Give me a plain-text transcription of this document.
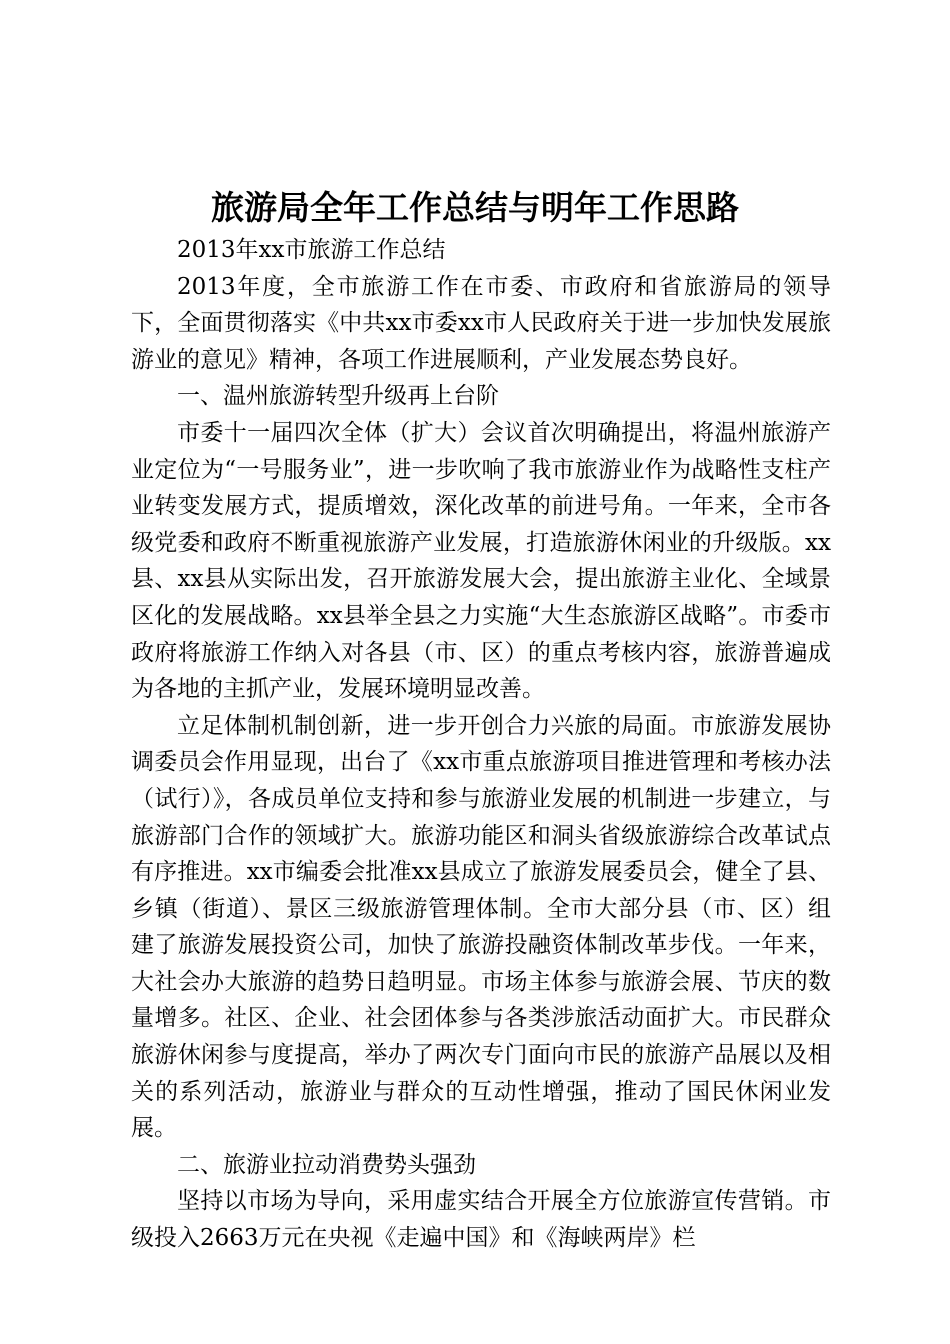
旅游局全年工作总结与明年工作思路

2013年xx市旅游工作总结

2013年度，全市旅游工作在市委、市政府和省旅游局的领导下，全面贯彻落实《中共xx市委xx市人民政府关于进一步加快发展旅游业的意见》精神，各项工作进展顺利，产业发展态势良好。

一、温州旅游转型升级再上台阶

市委十一届四次全体（扩大）会议首次明确提出，将温州旅游产业定位为“一号服务业”，进一步吹响了我市旅游业作为战略性支柱产业转变发展方式，提质增效，深化改革的前进号角。一年来，全市各级党委和政府不断重视旅游产业发展，打造旅游休闲业的升级版。xx县、xx县从实际出发，召开旅游发展大会，提出旅游主业化、全域景区化的发展战略。xx县举全县之力实施“大生态旅游区战略”。市委市政府将旅游工作纳入对各县（市、区）的重点考核内容，旅游普遍成为各地的主抓产业，发展环境明显改善。

立足体制机制创新，进一步开创合力兴旅的局面。市旅游发展协调委员会作用显现，出台了《xx市重点旅游项目推进管理和考核办法（试行）》，各成员单位支持和参与旅游业发展的机制进一步建立，与旅游部门合作的领域扩大。旅游功能区和洞头省级旅游综合改革试点有序推进。xx市编委会批准xx县成立了旅游发展委员会，健全了县、乡镇（街道）、景区三级旅游管理体制。全市大部分县（市、区）组建了旅游发展投资公司，加快了旅游投融资体制改革步伐。一年来，大社会办大旅游的趋势日趋明显。市场主体参与旅游会展、节庆的数量增多。社区、企业、社会团体参与各类涉旅活动面扩大。市民群众旅游休闲参与度提高，举办了两次专门面向市民的旅游产品展以及相关的系列活动，旅游业与群众的互动性增强，推动了国民休闲业发展。

二、旅游业拉动消费势头强劲

坚持以市场为导向，采用虚实结合开展全方位旅游宣传营销。市级投入2663万元在央视《走遍中国》和《海峡两岸》栏
